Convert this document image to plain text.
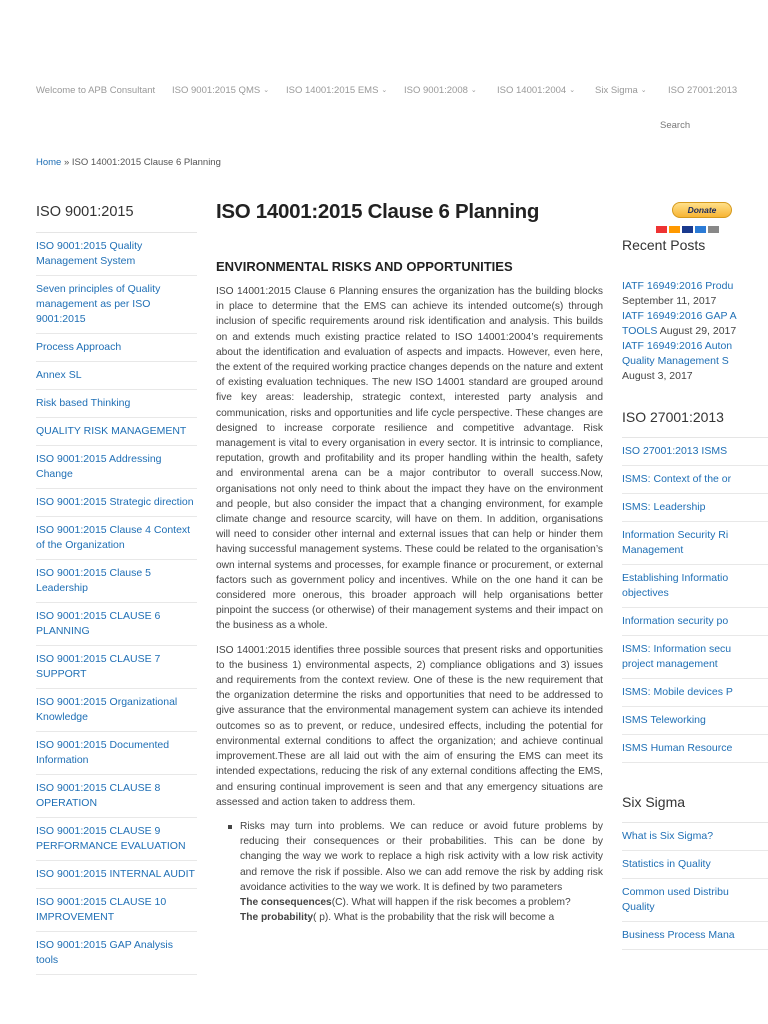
Welcome to APB Consultant ISO 9001:2015 QMS ⌄ ISO 14001:2015 EMS ⌄ ISO 9001:2008 ⌄ ISO 14001:2004 ⌄ Six Sigma ⌄ ISO 27001:2013
Search
Home » ISO 14001:2015 Clause 6 Planning
ISO 9001:2015
ISO 9001:2015 Quality Management System
Seven principles of Quality management as per ISO 9001:2015
Process Approach
Annex SL
Risk based Thinking
QUALITY RISK MANAGEMENT
ISO 9001:2015 Addressing Change
ISO 9001:2015 Strategic direction
ISO 9001:2015 Clause 4 Context of the Organization
ISO 9001:2015 Clause 5 Leadership
ISO 9001:2015 CLAUSE 6 PLANNING
ISO 9001:2015 CLAUSE 7 SUPPORT
ISO 9001:2015 Organizational Knowledge
ISO 9001:2015 Documented Information
ISO 9001:2015 CLAUSE 8 OPERATION
ISO 9001:2015 CLAUSE 9 PERFORMANCE EVALUATION
ISO 9001:2015 INTERNAL AUDIT
ISO 9001:2015 CLAUSE 10 IMPROVEMENT
ISO 9001:2015 GAP Analysis tools
ISO 14001:2015 Clause 6 Planning
ENVIRONMENTAL RISKS AND OPPORTUNITIES

ISO 14001:2015 Clause 6 Planning ensures the organization has the building blocks in place to determine that the EMS can achieve its intended outcome(s) through inclusion of specific requirements around risk identification and analysis. This builds on and extends much existing practice related to ISO 14001:2004’s requirements about the identification and evaluation of aspects and impacts. However, even here, the extent of the required working practice changes depends on the nature and extent of existing evaluation techniques. The new ISO 14001 standard are grouped around five key areas: leadership, strategic context, interested party analysis and communication, risks and opportunities and life cycle perspective. These changes are designed to increase corporate resilience and competitive advantage. Risk management is vital to every organisation in every sector. It is intrinsic to compliance, reputation, growth and profitability and its proper handling within the health, safety and environmental arena can be a major contributor to overall success.Now, organisations not only need to think about the impact they have on the environment and people, but also consider the impact that a changing environment, for example climate change and resource scarcity, will have on them. In addition, organisations will need to consider other internal and external issues that can help or hinder them having successful management systems. These could be related to the organisation’s own internal systems and processes, for example finance or procurement, or external factors such as government policy and incentives. While on the one hand it can be considered more onerous, this broader approach will help organisations better pinpoint the success (or otherwise) of their management systems and their impact on the business as a whole.

ISO 14001:2015 identifies three possible sources that present risks and opportunities to the business 1) environmental aspects, 2) compliance obligations and 3) issues and requirements from the context review. One of these is the new requirement that the organization determine the risks and opportunities that need to be addressed to give assurance that the environmental management system can achieve its intended outcomes so as to prevent, or reduce, undesired effects, including the potential for environmental external conditions to affect the organization; and achieve continual improvement.These are all laid out with the aim of ensuring the EMS can meet its intended expectations, reducing the risk of any external conditions affecting the EMS, and ensuring continual improvement is seen and that any emergency situations are assessed and action taken to address them.

Risks may turn into problems. We can reduce or avoid future problems by reducing their consequences or their probabilities. This can be done by changing the way we work to replace a high risk activity with a low risk activity and remove the risk if possible. Also we can add remove the risk by adding risk avoidance activities to the way we work. It is defined by two parameters
The consequences(C). What will happen if the risk becomes a problem?
The probability( p). What is the probability that the risk will become a
Donate
Recent Posts
IATF 16949:2016 Produ
September 11, 2017
IATF 16949:2016 GAP A
TOOLS August 29, 2017
IATF 16949:2016 Auton
Quality Management S
August 3, 2017
ISO 27001:2013
ISO 27001:2013 ISMS
ISMS: Context of the or
ISMS: Leadership
Information Security Ri
Management
Establishing Informatio
objectives
Information security po
ISMS: Information secu
project management
ISMS: Mobile devices P
ISMS Teleworking
ISMS Human Resource
Six Sigma
What is Six Sigma?
Statistics in Quality
Common used Distribu
Quality
Business Process Mana
